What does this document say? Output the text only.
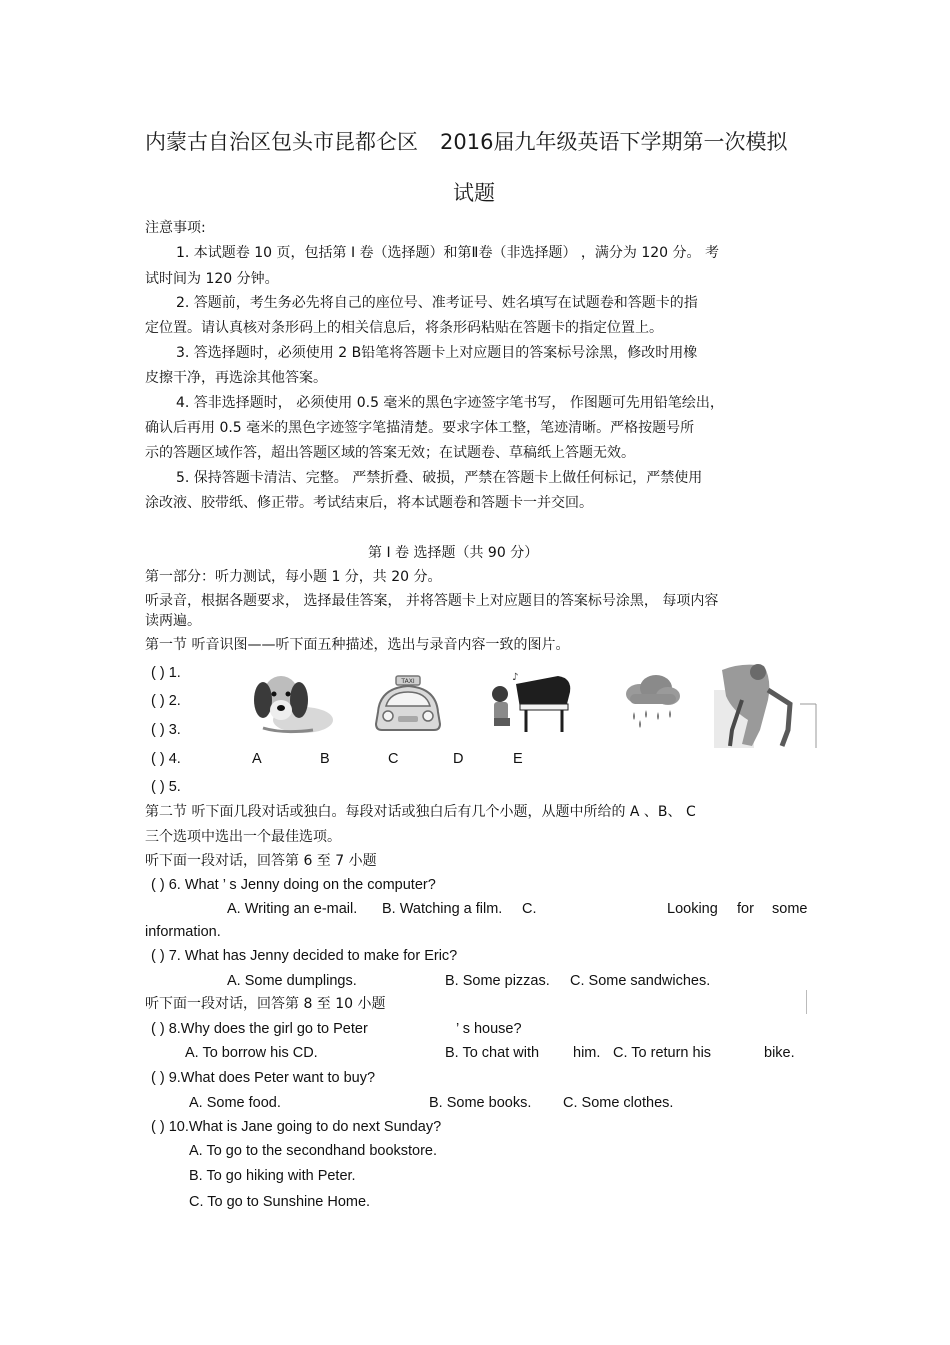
内蒙古自治区包头市昆都仑区 2016届九年级英语下学期第一次模拟
试题
注意事项:
1. 本试题卷 10 页，包括第 Ⅰ 卷（选择题）和第Ⅱ卷（非选择题） ，满分为 120 分。 考
试时间为 120 分钟。
2. 答题前，考生务必先将自己的座位号、准考证号、姓名填写在试题卷和答题卡的指
定位置。请认真核对条形码上的相关信息后，将条形码粘贴在答题卡的指定位置上。
3. 答选择题时，必须使用 2 B铅笔将答题卡上对应题目的答案标号涂黑，修改时用橡
皮擦干净，再选涂其他答案。
4. 答非选择题时， 必须使用 0.5 毫米的黑色字迹签字笔书写， 作图题可先用铅笔绘出，
确认后再用 0.5 毫米的黑色字迹签字笔描清楚。要求字体工整，笔迹清晰。严格按题号所
示的答题区域作答，超出答题区域的答案无效；在试题卷、草稿纸上答题无效。
5. 保持答题卡清洁、完整。 严禁折叠、破损，严禁在答题卡上做任何标记，严禁使用
涂改液、胶带纸、修正带。考试结束后，将本试题卷和答题卡一并交回。
第 Ⅰ 卷 选择题（共 90 分）
第一部分：听力测试，每小题 1 分，共 20 分。
听录音，根据各题要求， 选择最佳答案， 并将答题卡上对应题目的答案标号涂黑， 每项内容
读两遍。
第一节 听音识图——听下面五种描述，选出与录音内容一致的图片。
( ) 1.
( ) 2.
( ) 3.
( ) 4.
( ) 5.
A	B	C	D	E
TAXI	♪
第二节 听下面几段对话或独白。每段对话或独白后有几个小题，从题中所给的 A 、B、 C
三个选项中选出一个最佳选项。
听下面一段对话，回答第 6 至 7 小题
( ) 6. What ’ s Jenny doing on the computer?
A. Writing an e-mail. B. Watching a film. C.	Looking for some
information.
( ) 7. What has Jenny decided to make for Eric?
A. Some dumplings.	B. Some pizzas. C. Some sandwiches.
听下面一段对话，回答第 8 至 10 小题
( ) 8.Why does the girl go to Peter	’ s house?
A. To borrow his CD.	B. To chat with him. C. To return his	bike.
( ) 9.What does Peter want to buy?
A. Some food.	B. Some books. C. Some clothes.
( ) 10.What is Jane going to do next Sunday?
A. To go to the secondhand bookstore.
B. To go hiking with Peter.
C. To go to Sunshine Home.
